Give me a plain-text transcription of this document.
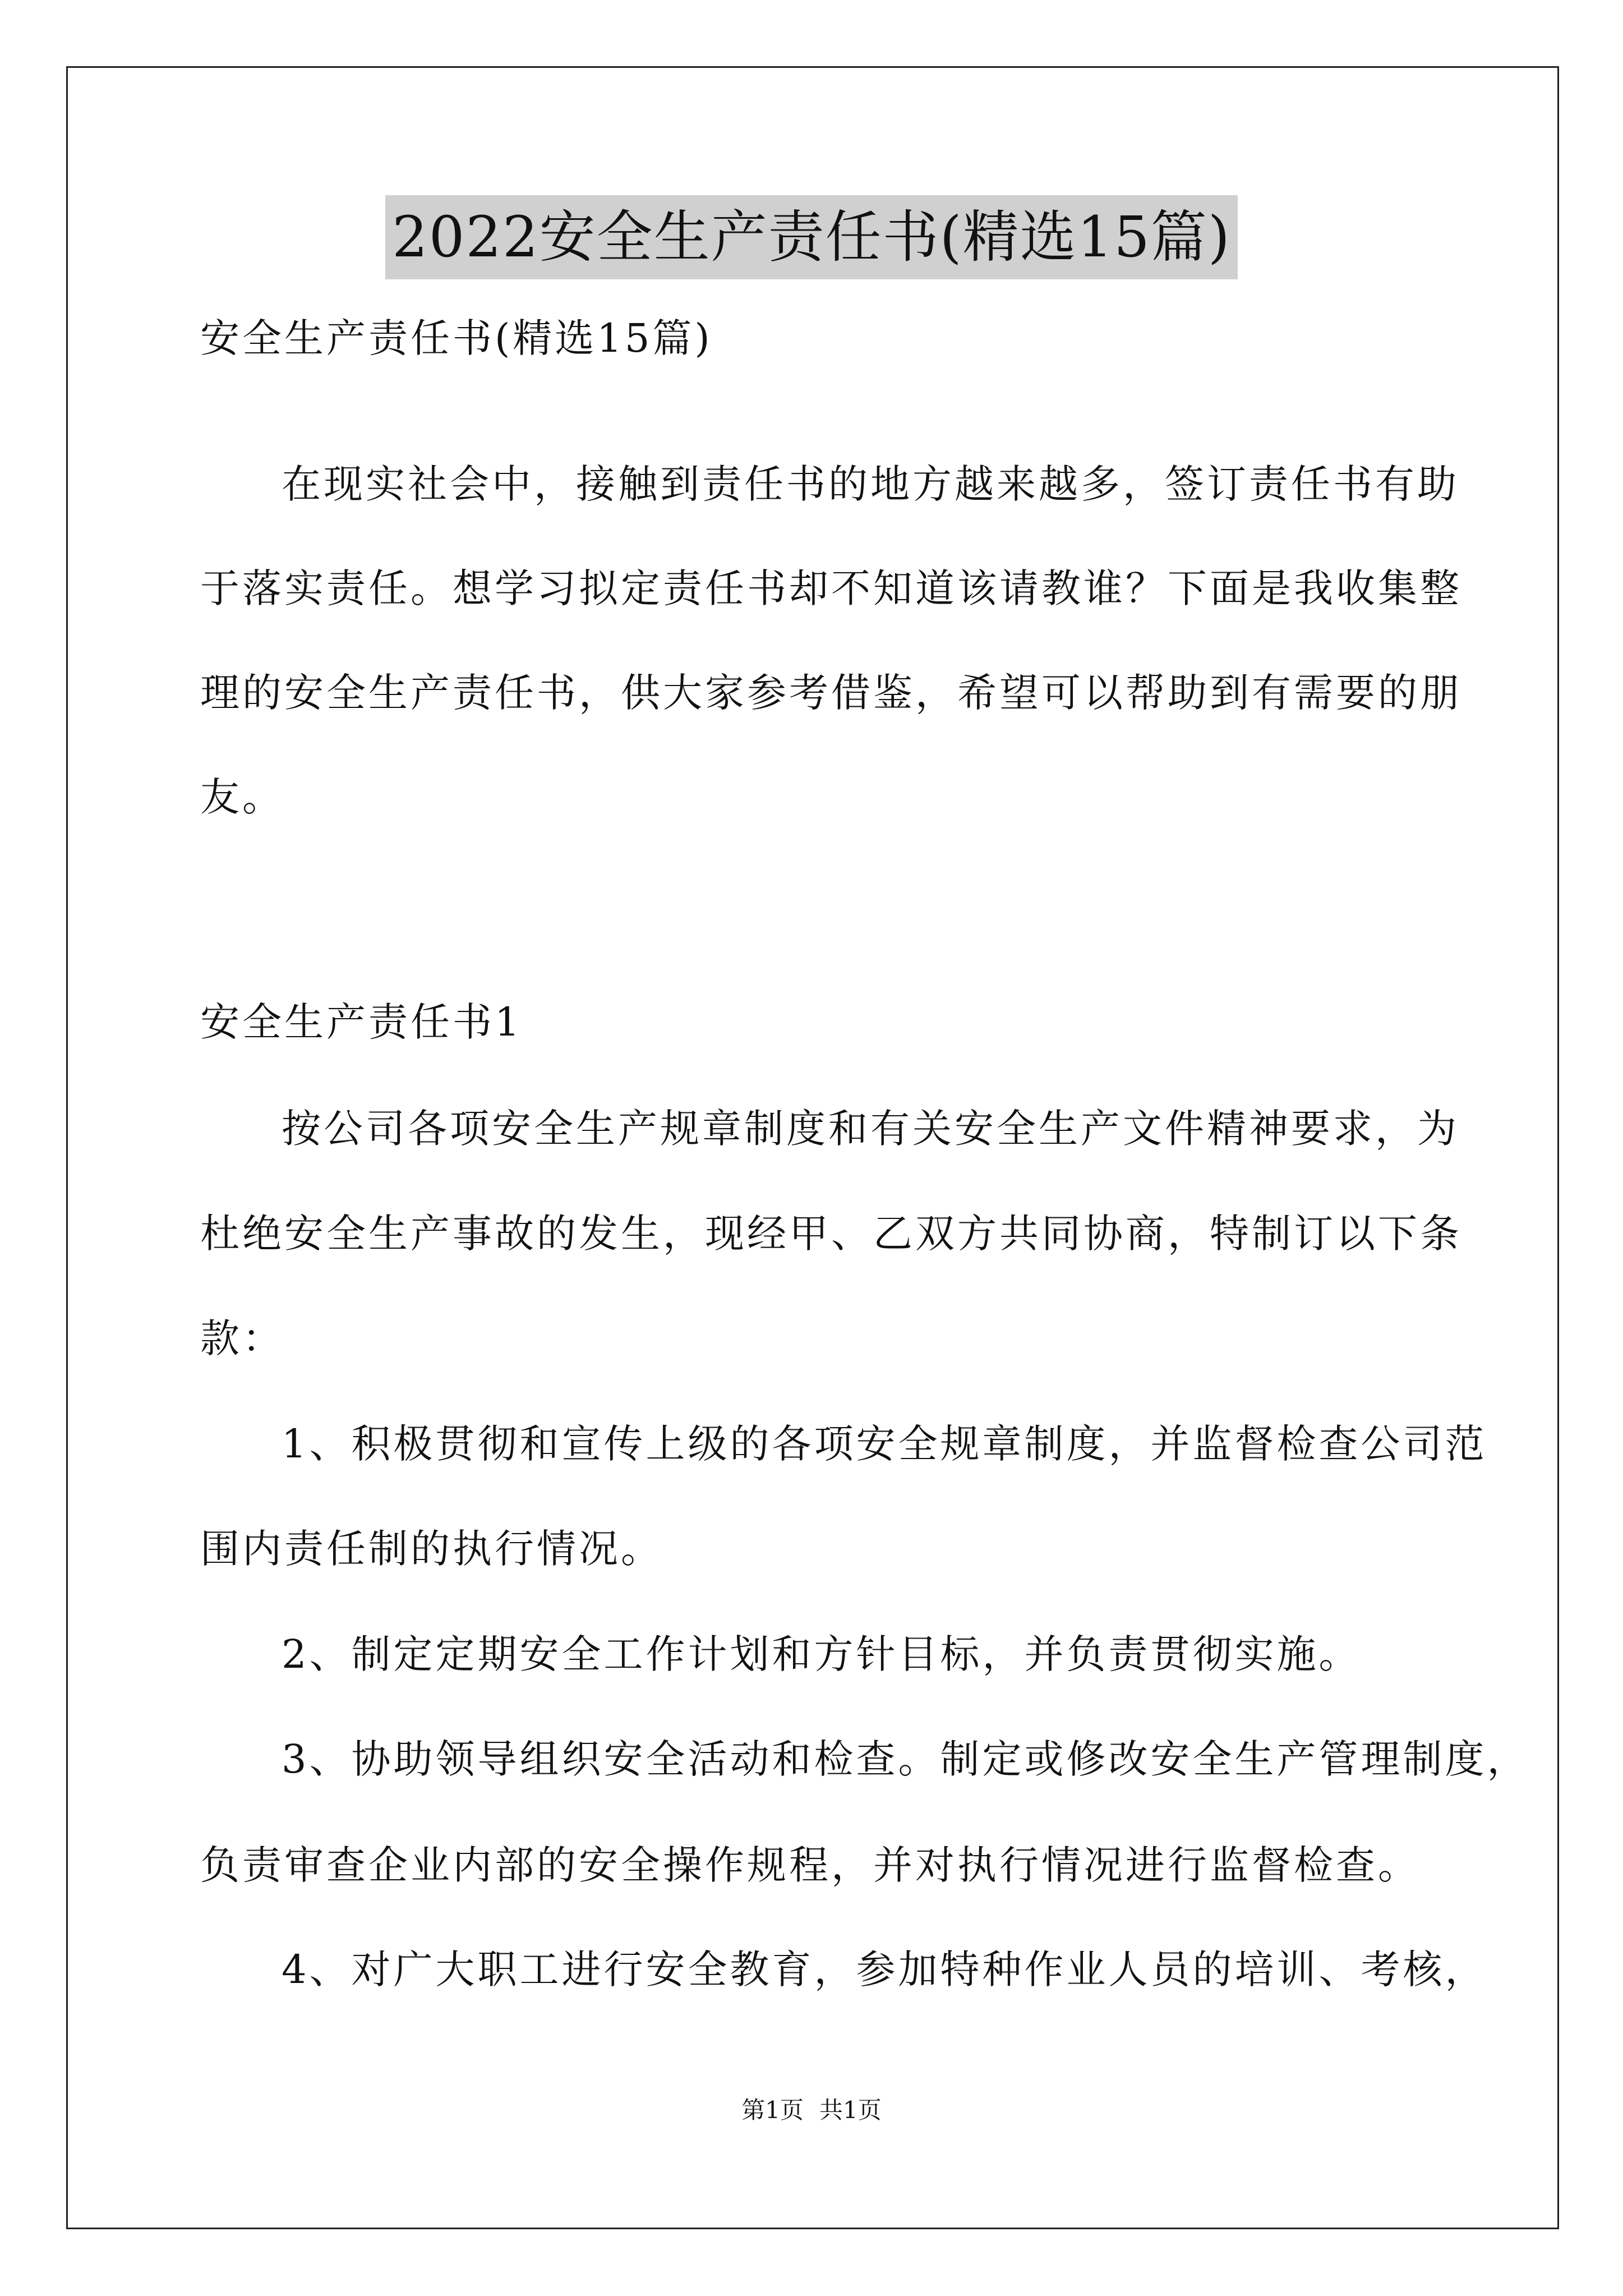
2022安全生产责任书(精选15篇)
安全生产责任书(精选15篇)
在现实社会中，接触到责任书的地方越来越多，签订责任书有助
于落实责任。想学习拟定责任书却不知道该请教谁？下面是我收集整
理的安全生产责任书，供大家参考借鉴，希望可以帮助到有需要的朋
友。
安全生产责任书1
按公司各项安全生产规章制度和有关安全生产文件精神要求，为
杜绝安全生产事故的发生，现经甲、乙双方共同协商，特制订以下条
款：
1、积极贯彻和宣传上级的各项安全规章制度，并监督检查公司范
围内责任制的执行情况。
2、制定定期安全工作计划和方针目标，并负责贯彻实施。
3、协助领导组织安全活动和检查。制定或修改安全生产管理制度，
负责审查企业内部的安全操作规程，并对执行情况进行监督检查。
4、对广大职工进行安全教育，参加特种作业人员的培训、考核，
第1页 共1页
